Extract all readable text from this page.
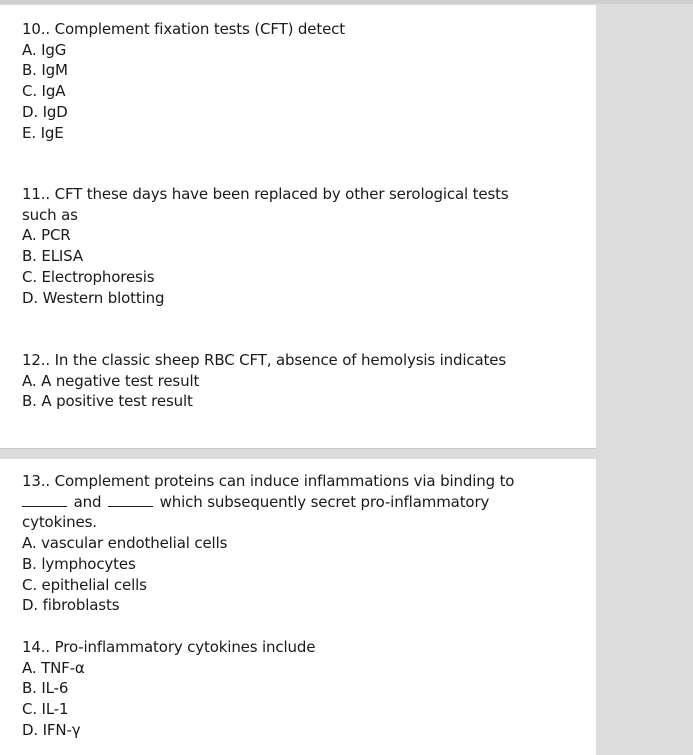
10.. Complement fixation tests (CFT) detect
A. IgG
B. IgM
C. IgA
D. IgD
E. IgE
11.. CFT these days have been replaced by other serological tests
such as
A. PCR
B. ELISA
C. Electrophoresis
D. Western blotting
12.. In the classic sheep RBC CFT, absence of hemolysis indicates
A. A negative test result
B. A positive test result
13.. Complement proteins can induce inflammations via binding to
and	which subsequently secret pro-inflammatory
cytokines.
A. vascular endothelial cells
B. lymphocytes
C. epithelial cells
D. fibroblasts
14.. Pro-inflammatory cytokines include
A. TNF-α
B. IL-6
C. IL-1
D. IFN-γ
